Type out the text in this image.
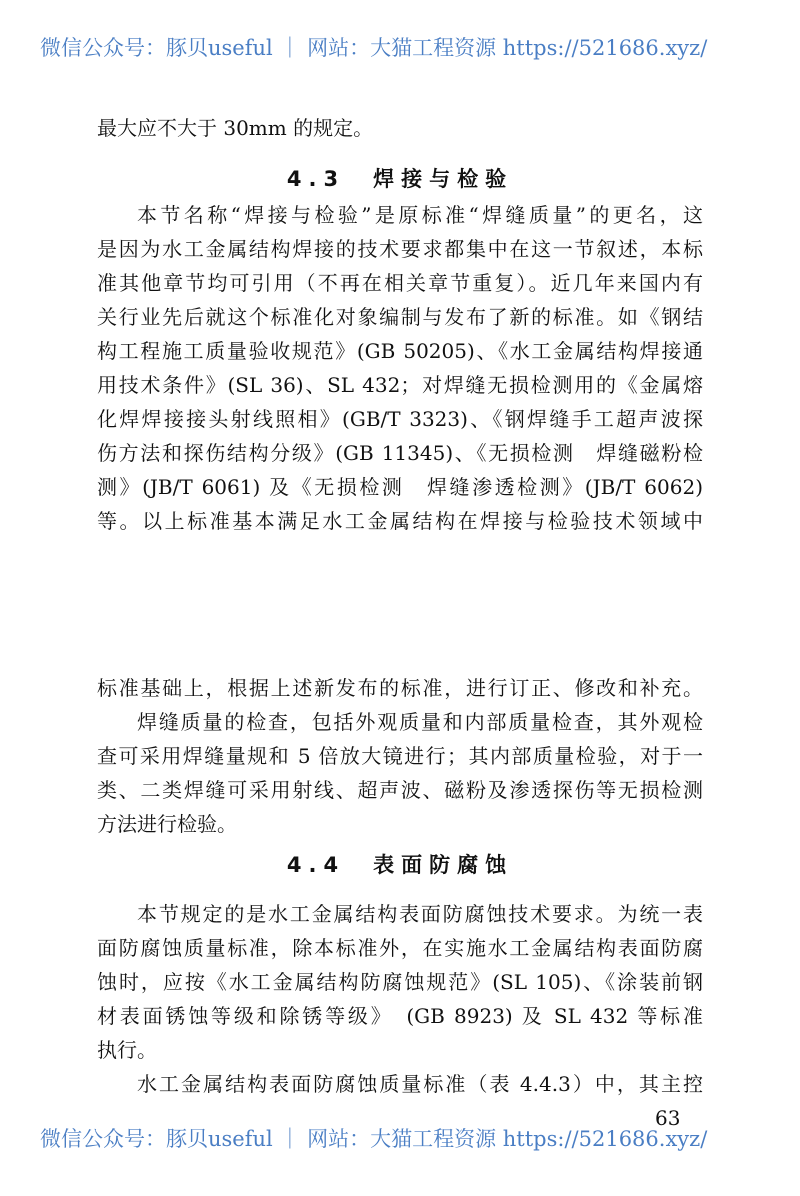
微信公众号：豚贝useful ｜ 网站：大猫工程资源 https://521686.xyz/
最大应不大于 30mm 的规定。
4.3　焊接与检验
本节名称“焊接与检验”是原标准“焊缝质量”的更名，这
是因为水工金属结构焊接的技术要求都集中在这一节叙述，本标
准其他章节均可引用（不再在相关章节重复）。近几年来国内有
关行业先后就这个标准化对象编制与发布了新的标准。如《钢结
构工程施工质量验收规范》(GB 50205)、《水工金属结构焊接通
用技术条件》(SL 36)、SL 432；对焊缝无损检测用的《金属熔
化焊焊接接头射线照相》(GB/T 3323)、《钢焊缝手工超声波探
伤方法和探伤结构分级》(GB 11345)、《无损检测　焊缝磁粉检
测》(JB/T 6061) 及《无损检测　焊缝渗透检测》(JB/T 6062)
等。以上标准基本满足水工金属结构在焊接与检验技术领域中
标准基础上，根据上述新发布的标准，进行订正、修改和补充。
焊缝质量的检查，包括外观质量和内部质量检查，其外观检
查可采用焊缝量规和 5 倍放大镜进行；其内部质量检验，对于一
类、二类焊缝可采用射线、超声波、磁粉及渗透探伤等无损检测
方法进行检验。
4.4　表面防腐蚀
本节规定的是水工金属结构表面防腐蚀技术要求。为统一表
面防腐蚀质量标准，除本标准外，在实施水工金属结构表面防腐
蚀时，应按《水工金属结构防腐蚀规范》(SL 105)、《涂装前钢
材表面锈蚀等级和除锈等级》　(GB 8923) 及 SL 432 等标准
执行。
水工金属结构表面防腐蚀质量标准（表 4.4.3）中，其主控
63
微信公众号：豚贝useful ｜ 网站：大猫工程资源 https://521686.xyz/
